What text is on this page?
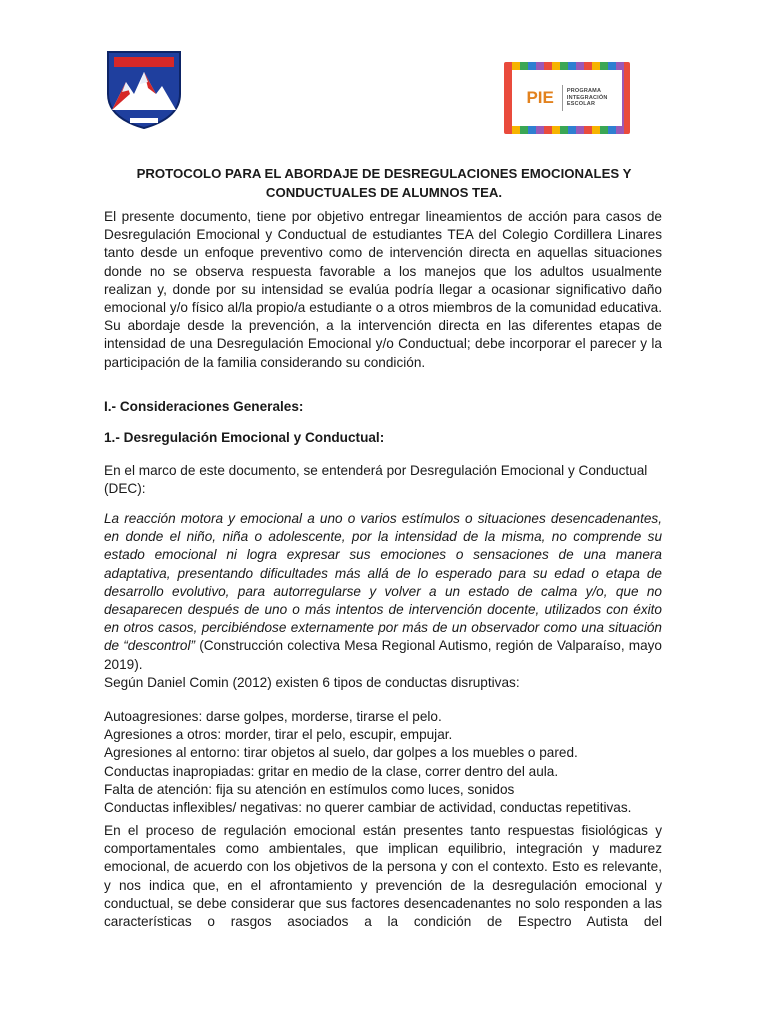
PIE PROGRAMA
INTEGRACIÓN
ESCOLAR
PROTOCOLO PARA EL ABORDAJE DE DESREGULACIONES EMOCIONALES Y
CONDUCTUALES DE ALUMNOS TEA.

El presente documento, tiene por objetivo entregar lineamientos de acción para casos de Desregulación Emocional y Conductual de estudiantes TEA del Colegio Cordillera Linares tanto desde un enfoque preventivo como de intervención directa en aquellas situaciones donde no se observa respuesta favorable a los manejos que los adultos usualmente realizan y, donde por su intensidad se evalúa podría llegar a ocasionar significativo daño emocional y/o físico al/la propio/a estudiante o a otros miembros de la comunidad educativa. Su abordaje desde la prevención, a la intervención directa en las diferentes etapas de intensidad de una Desregulación Emocional y/o Conductual; debe incorporar el parecer y la participación de la familia considerando su condición.

I.- Consideraciones Generales:

1.- Desregulación Emocional y Conductual:

En el marco de este documento, se entenderá por Desregulación Emocional y Conductual (DEC):

La reacción motora y emocional a uno o varios estímulos o situaciones desencadenantes, en donde el niño, niña o adolescente, por la intensidad de la misma, no comprende su estado emocional ni logra expresar sus emociones o sensaciones de una manera adaptativa, presentando dificultades más allá de lo esperado para su edad o etapa de desarrollo evolutivo, para autorregularse y volver a un estado de calma y/o, que no desaparecen después de uno o más intentos de intervención docente, utilizados con éxito en otros casos, percibiéndose externamente por más de un observador como una situación de “descontrol” (Construcción colectiva Mesa Regional Autismo, región de Valparaíso, mayo 2019).

Según Daniel Comin (2012) existen 6 tipos de conductas disruptivas:

Autoagresiones: darse golpes, morderse, tirarse el pelo.
Agresiones a otros: morder, tirar el pelo, escupir, empujar.
Agresiones al entorno: tirar objetos al suelo, dar golpes a los muebles o pared.
Conductas inapropiadas: gritar en medio de la clase, correr dentro del aula.
Falta de atención: fija su atención en estímulos como luces, sonidos
Conductas inflexibles/ negativas: no querer cambiar de actividad, conductas repetitivas.

En el proceso de regulación emocional están presentes tanto respuestas fisiológicas y comportamentales como ambientales, que implican equilibrio, integración y madurez emocional, de acuerdo con los objetivos de la persona y con el contexto. Esto es relevante, y nos indica que, en el afrontamiento y prevención de la desregulación emocional y conductual, se debe considerar que sus factores desencadenantes no solo responden a las características o rasgos asociados a la condición de Espectro Autista del
